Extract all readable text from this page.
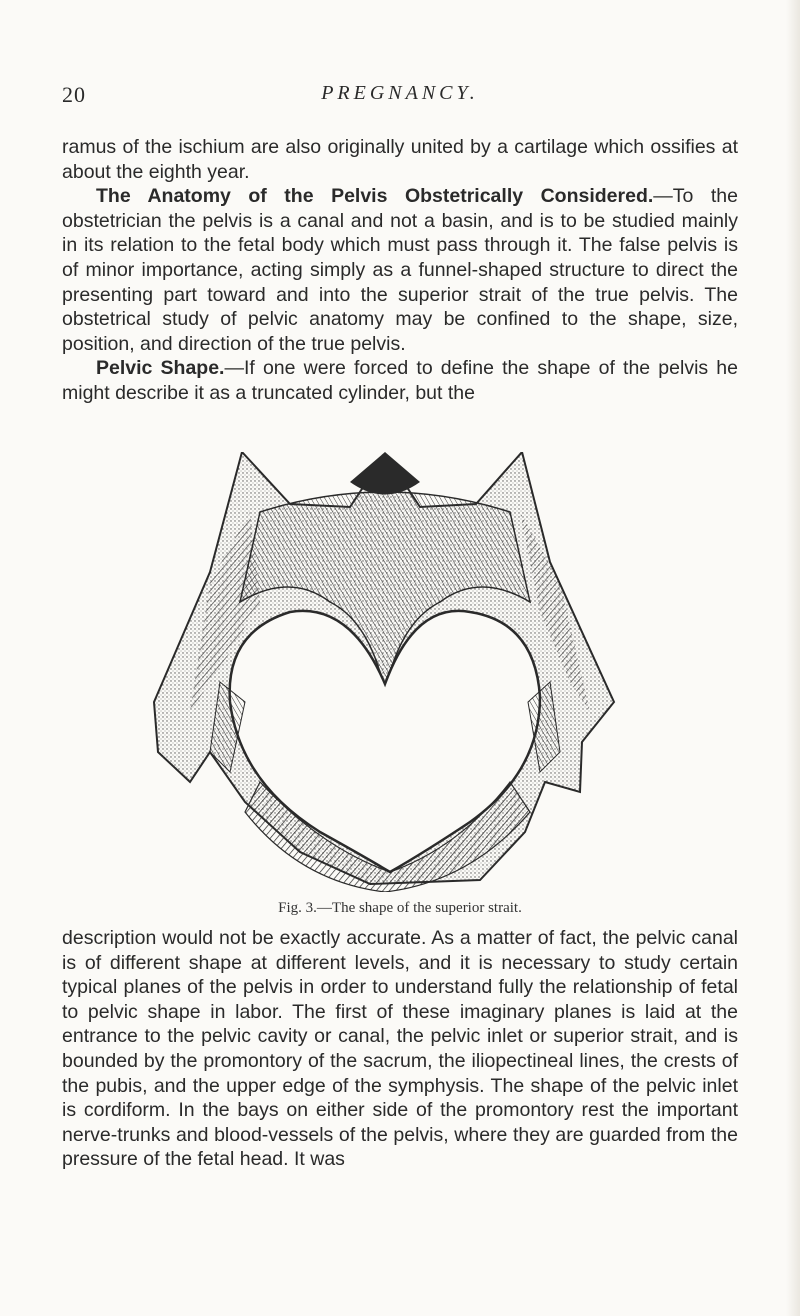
20	PREGNANCY.

ramus of the ischium are also originally united by a cartilage which ossifies at about the eighth year.

The Anatomy of the Pelvis Obstetrically Considered.—To the obstetrician the pelvis is a canal and not a basin, and is to be studied mainly in its relation to the fetal body which must pass through it. The false pelvis is of minor importance, acting simply as a funnel-shaped structure to direct the presenting part toward and into the superior strait of the true pelvis. The obstetrical study of pelvic anatomy may be confined to the shape, size, position, and direction of the true pelvis.

Pelvic Shape.—If one were forced to define the shape of the pelvis he might describe it as a truncated cylinder, but the

Fig. 3.—The shape of the superior strait.

description would not be exactly accurate. As a matter of fact, the pelvic canal is of different shape at different levels, and it is necessary to study certain typical planes of the pelvis in order to understand fully the relationship of fetal to pelvic shape in labor. The first of these imaginary planes is laid at the entrance to the pelvic cavity or canal, the pelvic inlet or superior strait, and is bounded by the promontory of the sacrum, the iliopectineal lines, the crests of the pubis, and the upper edge of the symphysis. The shape of the pelvic inlet is cordiform. In the bays on either side of the promontory rest the important nerve-trunks and blood-vessels of the pelvis, where they are guarded from the pressure of the fetal head. It was
